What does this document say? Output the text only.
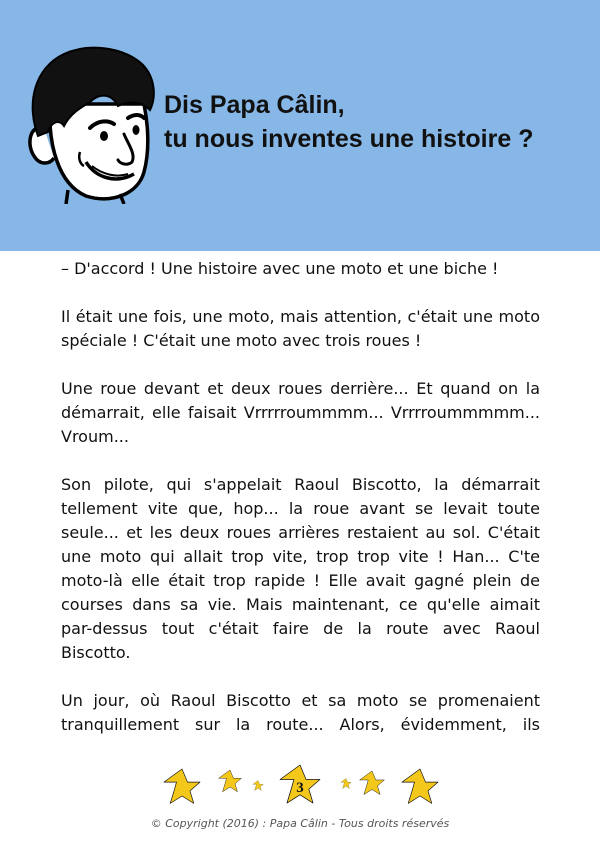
Dis Papa Câlin,
tu nous inventes une histoire ?

– D'accord ! Une histoire avec une moto et une biche !

Il était une fois, une moto, mais attention, c'était une moto spéciale ! C'était une moto avec trois roues !

Une roue devant et deux roues derrière... Et quand on la démarrait, elle faisait Vrrrrroummmm... Vrrrroummmmm... Vroum...

Son pilote, qui s'appelait Raoul Biscotto, la démarrait tellement vite que, hop... la roue avant se levait toute seule... et les deux roues arrières restaient au sol. C'était une moto qui allait trop vite, trop trop vite ! Han... C'te moto-là elle était trop rapide ! Elle avait gagné plein de courses dans sa vie. Mais maintenant, ce qu'elle aimait par-dessus tout c'était faire de la route avec Raoul Biscotto.

Un jour, où Raoul Biscotto et sa moto se promenaient tranquillement sur la route... Alors, évidemment, ils

3
© Copyright (2016) : Papa Câlin - Tous droits réservés
